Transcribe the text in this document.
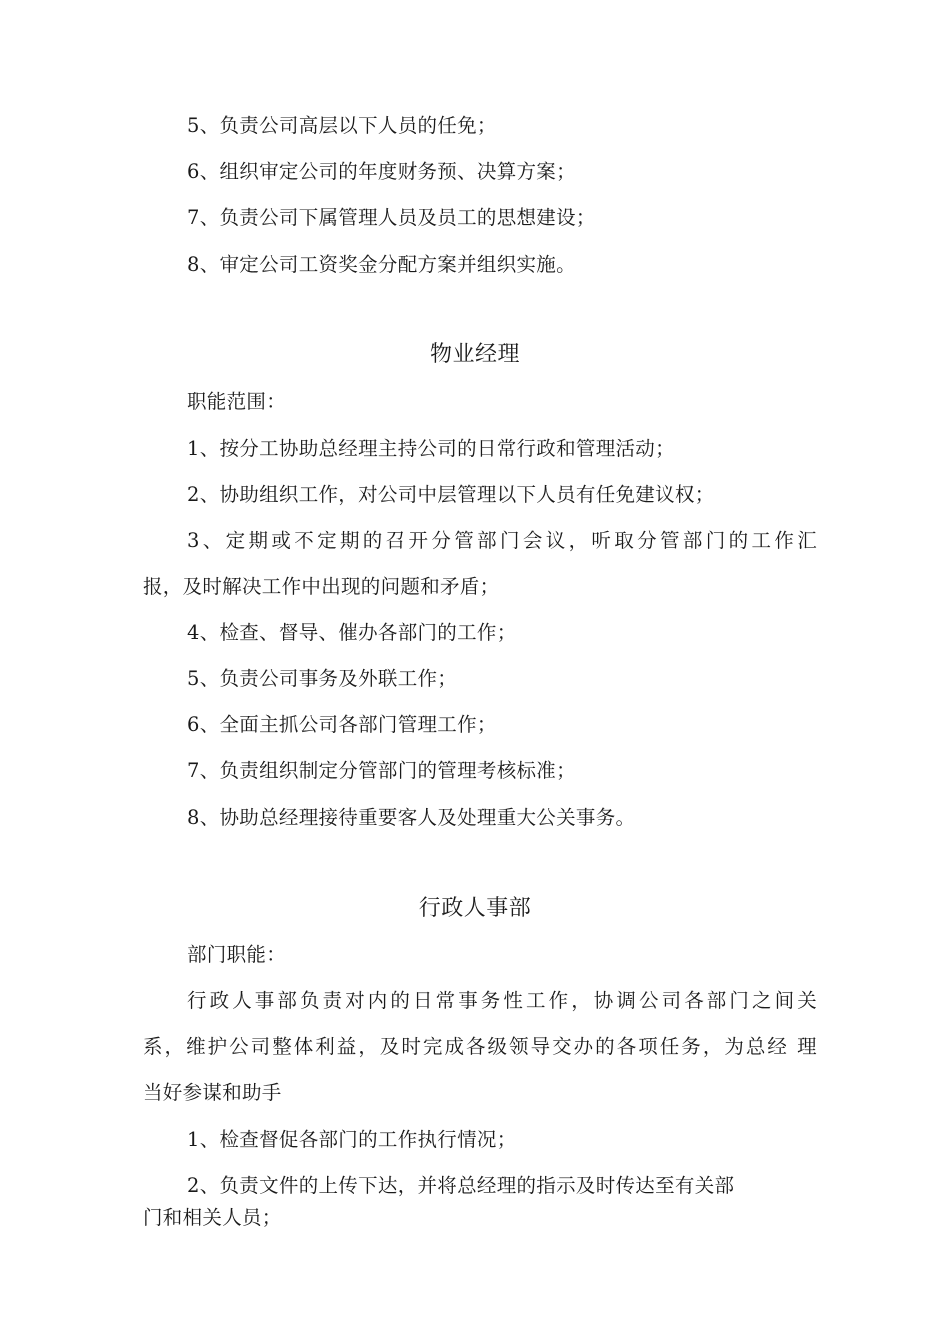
5、负责公司高层以下人员的任免；
6、组织审定公司的年度财务预、决算方案；
7、负责公司下属管理人员及员工的思想建设；
8、审定公司工资奖金分配方案并组织实施。
物业经理
职能范围：
1、按分工协助总经理主持公司的日常行政和管理活动；
2、协助组织工作，对公司中层管理以下人员有任免建议权；
3、定期或不定期的召开分管部门会议，听取分管部门的工作汇
报，及时解决工作中出现的问题和矛盾；
4、检查、督导、催办各部门的工作；
5、负责公司事务及外联工作；
6、全面主抓公司各部门管理工作；
7、负责组织制定分管部门的管理考核标准；
8、协助总经理接待重要客人及处理重大公关事务。
行政人事部
部门职能：
行政人事部负责对内的日常事务性工作，协调公司各部门之间关
系，维护公司整体利益，及时完成各级领导交办的各项任务，为总经 理
当好参谋和助手
1、检查督促各部门的工作执行情况；
2、负责文件的上传下达，并将总经理的指示及时传达至有关部
门和相关人员；
